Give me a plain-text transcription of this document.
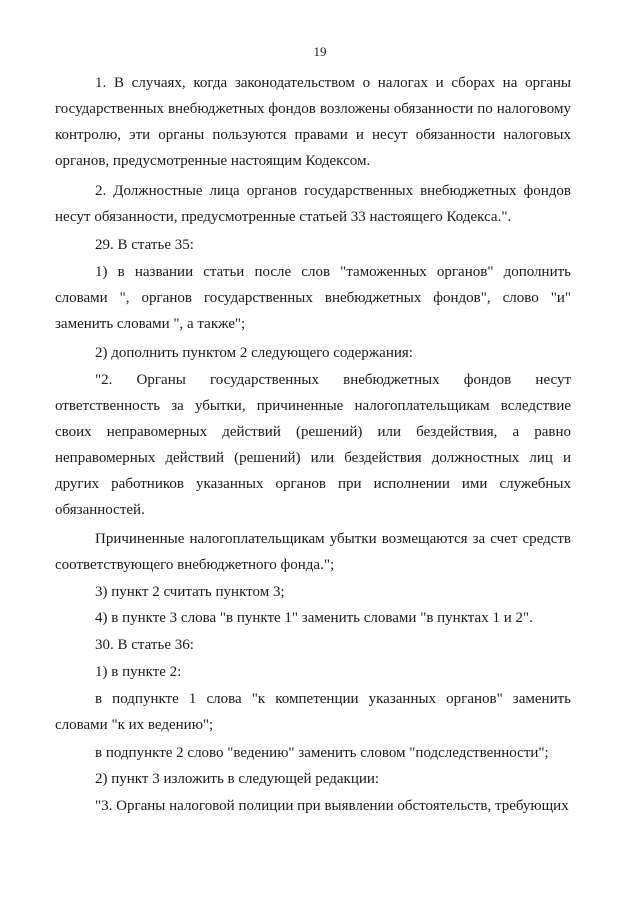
19

1. В случаях, когда законодательством о налогах и сборах на органы государственных внебюджетных фондов возложены обязанности по налоговому контролю, эти органы пользуются правами и несут обязанности налоговых органов, предусмотренные настоящим Кодексом.

2. Должностные лица органов государственных внебюджетных фондов несут обязанности, предусмотренные статьей 33 настоящего Кодекса.".

29. В статье 35:

1) в названии статьи после слов "таможенных органов" дополнить словами ", органов государственных внебюджетных фондов", слово "и" заменить словами ", а также";

2) дополнить пунктом 2 следующего содержания:

"2. Органы государственных внебюджетных фондов несут ответственность за убытки, причиненные налогоплательщикам вследствие своих неправомерных действий (решений) или бездействия, а равно неправомерных действий (решений) или бездействия должностных лиц и других работников указанных органов при исполнении ими служебных обязанностей.

Причиненные налогоплательщикам убытки возмещаются за счет средств соответствующего внебюджетного фонда.";

3) пункт 2 считать пунктом 3;

4) в пункте 3 слова "в пункте 1" заменить словами "в пунктах 1 и 2".

30. В статье 36:

1) в пункте 2:

в подпункте 1 слова "к компетенции указанных органов" заменить словами "к их ведению";

в подпункте 2 слово "ведению" заменить словом "подследственности";

2) пункт 3 изложить в следующей редакции:

"3. Органы налоговой полиции при выявлении обстоятельств, требующих
